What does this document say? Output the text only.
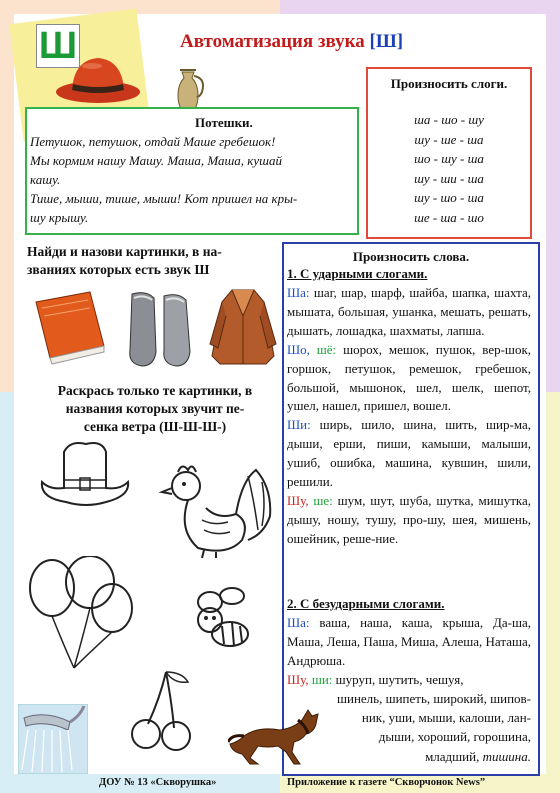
Ш	Автоматизация звука [Ш]
Потешки.
Петушок, петушок, отдай Маше гребешок!
Мы кормим нашу Машу. Маша, Маша, кушай
кашу.
Тише, мыши, тише, мыши! Кот пришел на кры-
шу крышу.
Произносить слоги.
ша - шо - шу
шу - ше - ша
шо - шу - ша
шу - ши - ша
шу - шо - ша
ше - ша - шо
Найди и назови картинки, в на-
званиях которых есть звук Ш
Раскрась только те картинки, в
названия которых звучит пе-
сенка ветра (Ш-Ш-Ш-)
Произносить слова.
1. С ударными слогами.
Ша: шаг, шар, шарф, шайба, шапка, шахта, мышата, большая, ушанка, мешать, решать, дышать, лошадка, шахматы, лапша.
Шо, шё: шорох, мешок, пушок, вер-шок, горшок, петушок, ремешок, гребешок, большой, мышонок, шел, шелк, шепот, ушел, нашел, пришел, вошел.
Ши: ширь, шило, шина, шить, шир-ма, дыши, ерши, пиши, камыши, малыши, ушиб, ошибка, машина, кувшин, шили, решили.
Шу, ше: шум, шут, шуба, шутка, мишутка, дышу, ношу, тушу, про-шу, шея, мишень, ошейник, реше-ние.
2. С безударными слогами.
Ша: ваша, наша, каша, крыша, Да-ша, Маша, Леша, Паша, Миша, Алеша, Наташа, Андрюша.
Шу, ши: шуруп, шутить, чешуя,
шинель, шипеть, широкий, шипов-
ник, уши, мыши, калоши, лан-
дыши, хороший, горошина,
младший, тишина.
ДОУ № 13 «Скворушка»	Приложение к газете “Скворчонок News”
